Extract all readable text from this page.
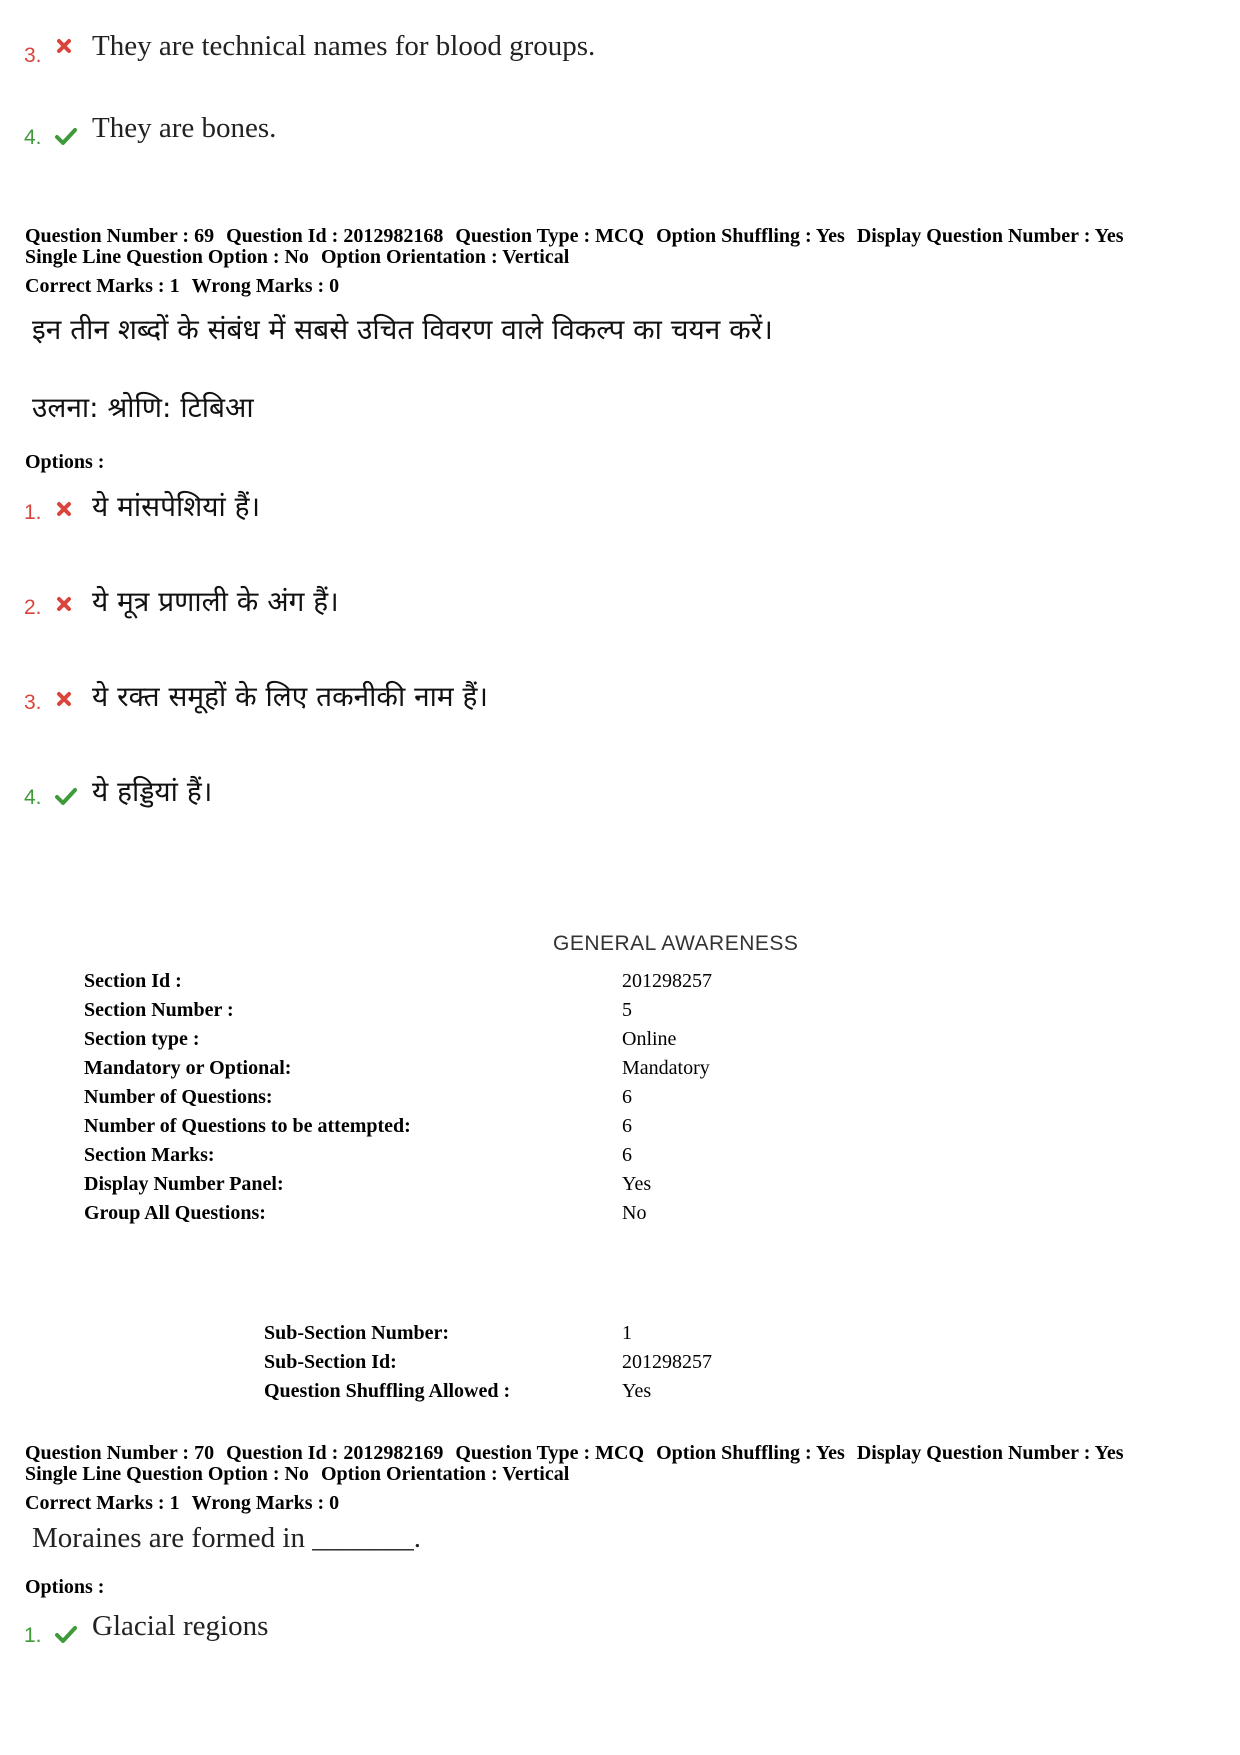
3. They are technical names for blood groups.
4. They are bones.
Question Number : 69 Question Id : 2012982168 Question Type : MCQ Option Shuffling : Yes Display Question Number : Yes
Single Line Question Option : No Option Orientation : Vertical
Correct Marks : 1 Wrong Marks : 0
इन तीन शब्दों के संबंध में सबसे उचित विवरण वाले विकल्प का चयन करें।
उलना: श्रोणि: टिबिआ
Options :
1. ये मांसपेशियां हैं।
2. ये मूत्र प्रणाली के अंग हैं।
3. ये रक्त समूहों के लिए तकनीकी नाम हैं।
4. ये हड्डियां हैं।
GENERAL AWARENESS
Section Id :	201298257
Section Number :	5
Section type :	Online
Mandatory or Optional:	Mandatory
Number of Questions:	6
Number of Questions to be attempted:	6
Section Marks:	6
Display Number Panel:	Yes
Group All Questions:	No
Sub-Section Number:	1
Sub-Section Id:	201298257
Question Shuffling Allowed :	Yes
Question Number : 70 Question Id : 2012982169 Question Type : MCQ Option Shuffling : Yes Display Question Number : Yes
Single Line Question Option : No Option Orientation : Vertical
Correct Marks : 1 Wrong Marks : 0
Moraines are formed in _______.
Options :
1. Glacial regions
